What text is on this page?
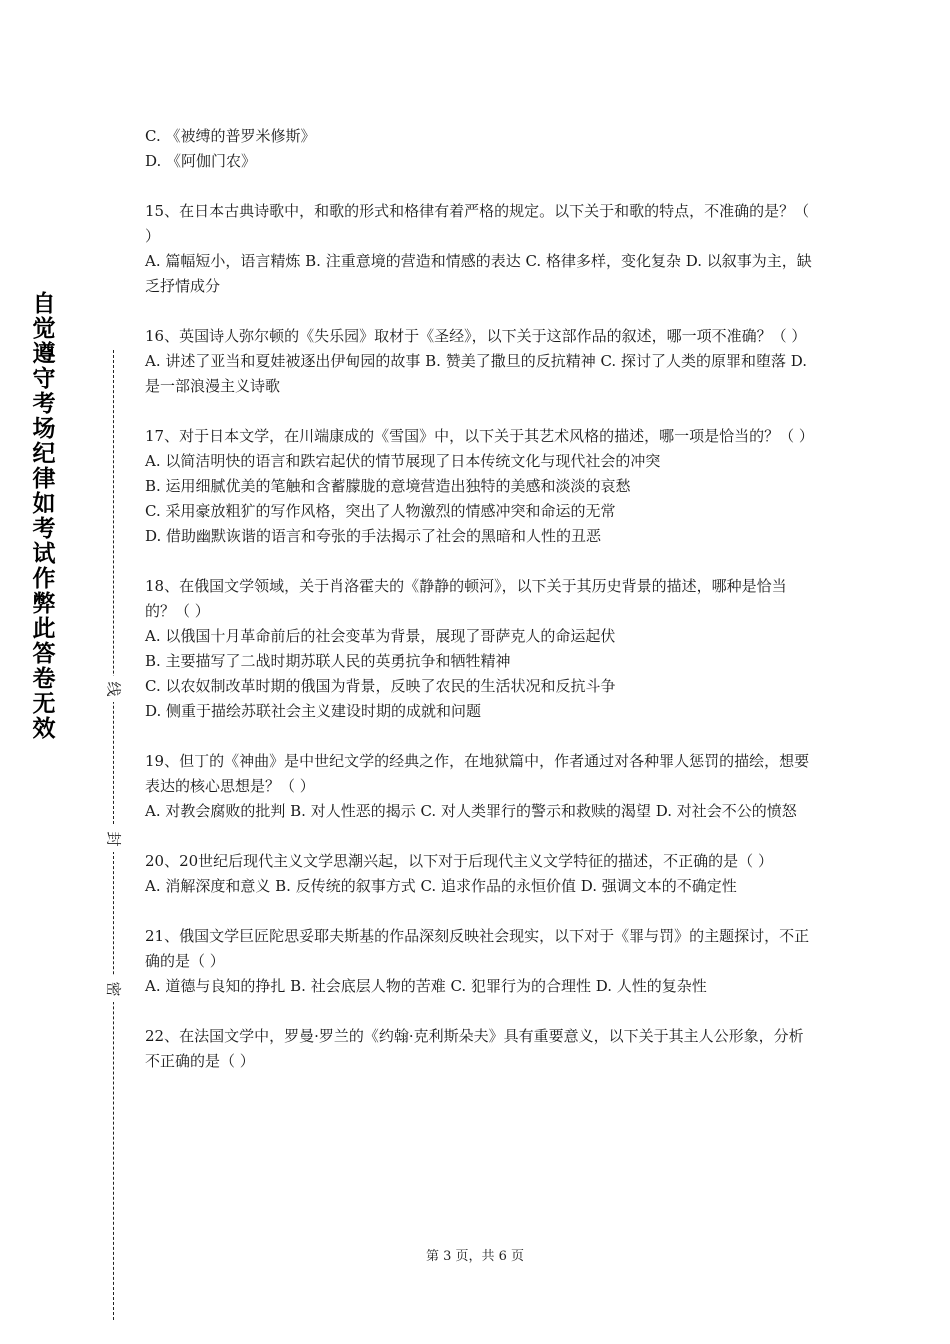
自觉遵守考场纪律如考试作弊此答卷无效
线
封
密

C. 《被缚的普罗米修斯》

D. 《阿伽门农》

15、在日本古典诗歌中，和歌的形式和格律有着严格的规定。以下关于和歌的特点，不准确的是？（ ）

A. 篇幅短小，语言精炼 B. 注重意境的营造和情感的表达 C. 格律多样，变化复杂 D. 以叙事为主，缺乏抒情成分

16、英国诗人弥尔顿的《失乐园》取材于《圣经》，以下关于这部作品的叙述，哪一项不准确？（ ）

A. 讲述了亚当和夏娃被逐出伊甸园的故事 B. 赞美了撒旦的反抗精神 C. 探讨了人类的原罪和堕落 D. 是一部浪漫主义诗歌

17、对于日本文学，在川端康成的《雪国》中，以下关于其艺术风格的描述，哪一项是恰当的？（ ）

A. 以简洁明快的语言和跌宕起伏的情节展现了日本传统文化与现代社会的冲突

B. 运用细腻优美的笔触和含蓄朦胧的意境营造出独特的美感和淡淡的哀愁

C. 采用豪放粗犷的写作风格，突出了人物激烈的情感冲突和命运的无常

D. 借助幽默诙谐的语言和夸张的手法揭示了社会的黑暗和人性的丑恶

18、在俄国文学领域，关于肖洛霍夫的《静静的顿河》，以下关于其历史背景的描述，哪种是恰当的？（ ）

A. 以俄国十月革命前后的社会变革为背景，展现了哥萨克人的命运起伏

B. 主要描写了二战时期苏联人民的英勇抗争和牺牲精神

C. 以农奴制改革时期的俄国为背景，反映了农民的生活状况和反抗斗争

D. 侧重于描绘苏联社会主义建设时期的成就和问题

19、但丁的《神曲》是中世纪文学的经典之作，在地狱篇中，作者通过对各种罪人惩罚的描绘，想要表达的核心思想是？（ ）

A. 对教会腐败的批判 B. 对人性恶的揭示 C. 对人类罪行的警示和救赎的渴望 D. 对社会不公的愤怒

20、20世纪后现代主义文学思潮兴起，以下对于后现代主义文学特征的描述，不正确的是（ ）

A. 消解深度和意义 B. 反传统的叙事方式 C. 追求作品的永恒价值 D. 强调文本的不确定性

21、俄国文学巨匠陀思妥耶夫斯基的作品深刻反映社会现实，以下对于《罪与罚》的主题探讨，不正确的是（ ）

A. 道德与良知的挣扎 B. 社会底层人物的苦难 C. 犯罪行为的合理性 D. 人性的复杂性

22、在法国文学中，罗曼·罗兰的《约翰·克利斯朵夫》具有重要意义，以下关于其主人公形象，分析不正确的是（ ）

第 3 页，共 6 页
